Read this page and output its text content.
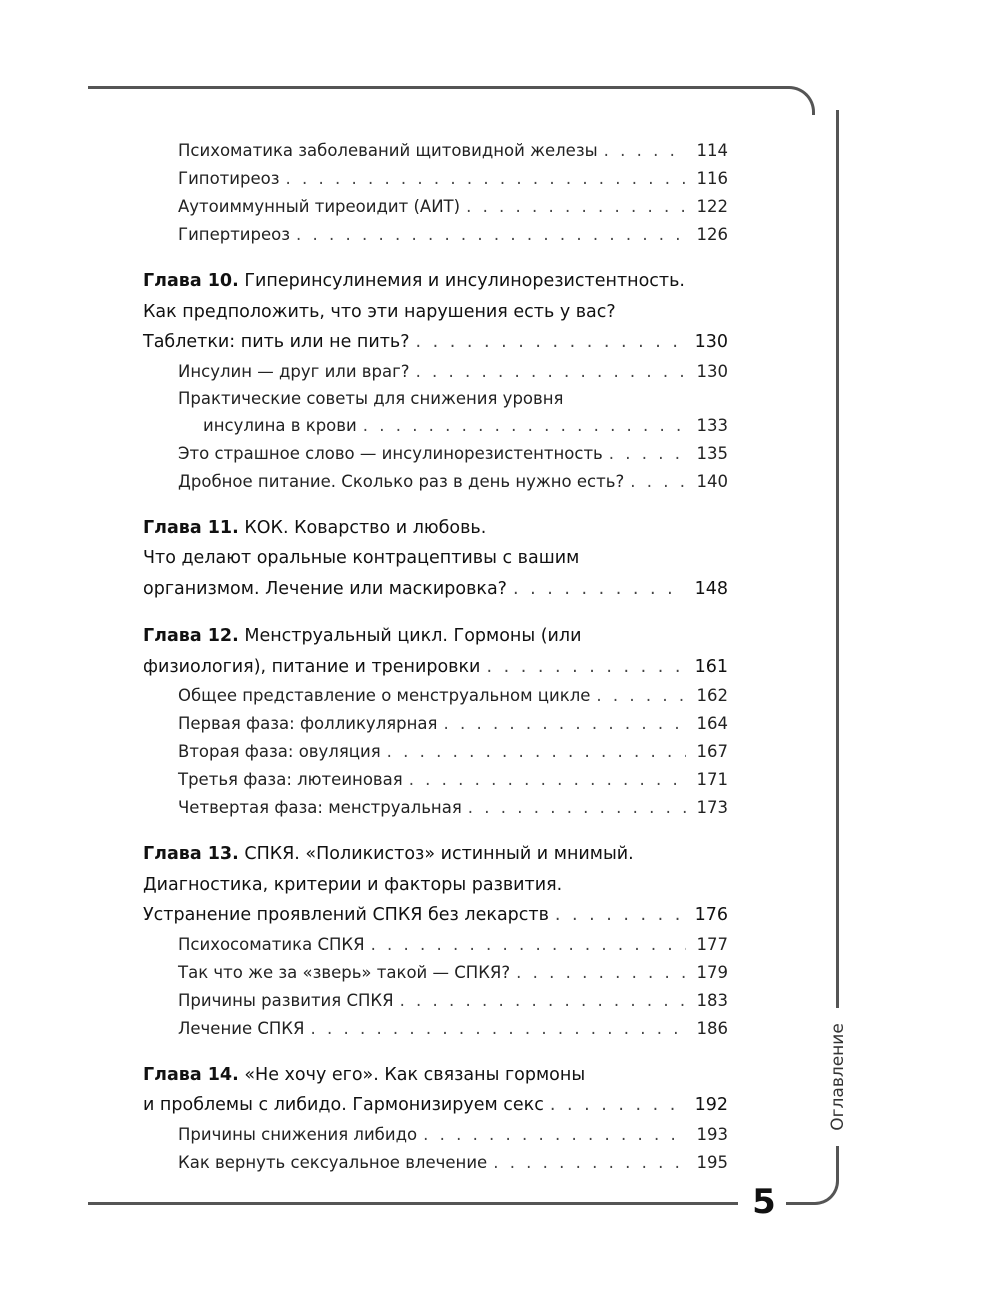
Оглавление
5
Психоматика заболеваний щитовидной железы . . .	114
Гипотиреоз . . .	116
Аутоиммунный тиреоидит (АИТ) . . .	122
Гипертиреоз . . .	126
Глава 10. Гиперинсулинемия и инсулинорезистентность.
Как предположить, что эти нарушения есть у вас?
Таблетки: пить или не пить? . . .	130
Инсулин — друг или враг? . . .	130
Практические советы для снижения уровня
инсулина в крови . . .	133
Это страшное слово — инсулинорезистентность . . .	135
Дробное питание. Сколько раз в день нужно есть? . . .	140
Глава 11. КОК. Коварство и любовь.
Что делают оральные контрацептивы с вашим
организмом. Лечение или маскировка? . . .	148
Глава 12. Менструальный цикл. Гормоны (или
физиология), питание и тренировки . . .	161
Общее представление о менструальном цикле . . .	162
Первая фаза: фолликулярная . . .	164
Вторая фаза: овуляция . . .	167
Третья фаза: лютеиновая . . .	171
Четвертая фаза: менструальная . . .	173
Глава 13. СПКЯ. «Поликистоз» истинный и мнимый.
Диагностика, критерии и факторы развития.
Устранение проявлений СПКЯ без лекарств . . .	176
Психосоматика СПКЯ . . .	177
Так что же за «зверь» такой — СПКЯ? . . .	179
Причины развития СПКЯ . . .	183
Лечение СПКЯ . . .	186
Глава 14. «Не хочу его». Как связаны гормоны
и проблемы с либидо. Гармонизируем секс . . .	192
Причины снижения либидо . . .	193
Как вернуть сексуальное влечение . . .	195
